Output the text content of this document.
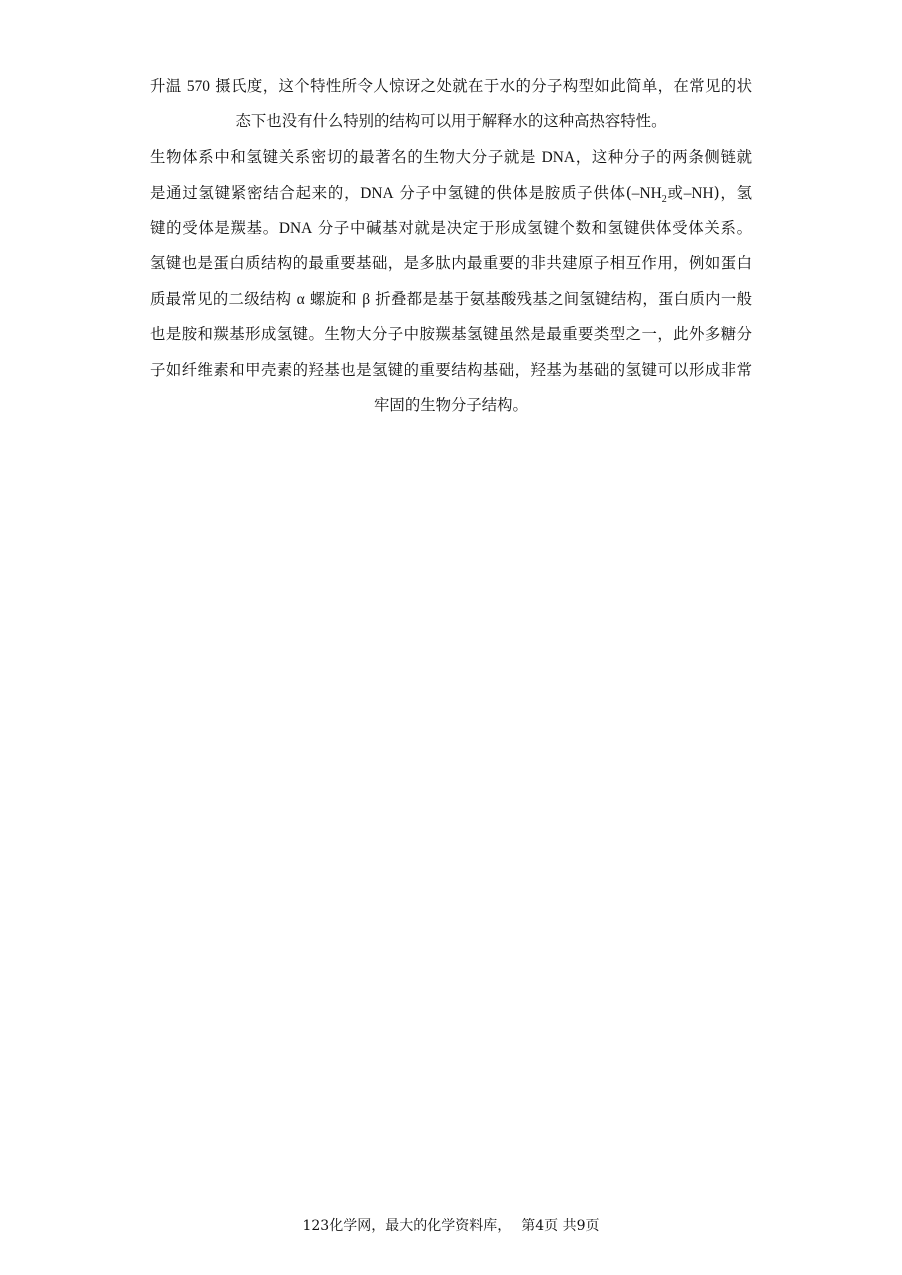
升温 570 摄氏度，这个特性所令人惊讶之处就在于水的分子构型如此简单，在常见的状
态下也没有什么特别的结构可以用于解释水的这种高热容特性。
生物体系中和氢键关系密切的最著名的生物大分子就是 DNA，这种分子的两条侧链就
是通过氢键紧密结合起来的，DNA 分子中氢键的供体是胺质子供体($-NH_2$或–NH)，氢
键的受体是羰基。DNA 分子中碱基对就是决定于形成氢键个数和氢键供体受体关系。
氢键也是蛋白质结构的最重要基础，是多肽内最重要的非共建原子相互作用，例如蛋白
质最常见的二级结构 α 螺旋和 β 折叠都是基于氨基酸残基之间氢键结构，蛋白质内一般
也是胺和羰基形成氢键。生物大分子中胺羰基氢键虽然是最重要类型之一，此外多糖分
子如纤维素和甲壳素的羟基也是氢键的重要结构基础，羟基为基础的氢键可以形成非常
牢固的生物分子结构。
123化学网，最大的化学资料库， 第4页 共9页
